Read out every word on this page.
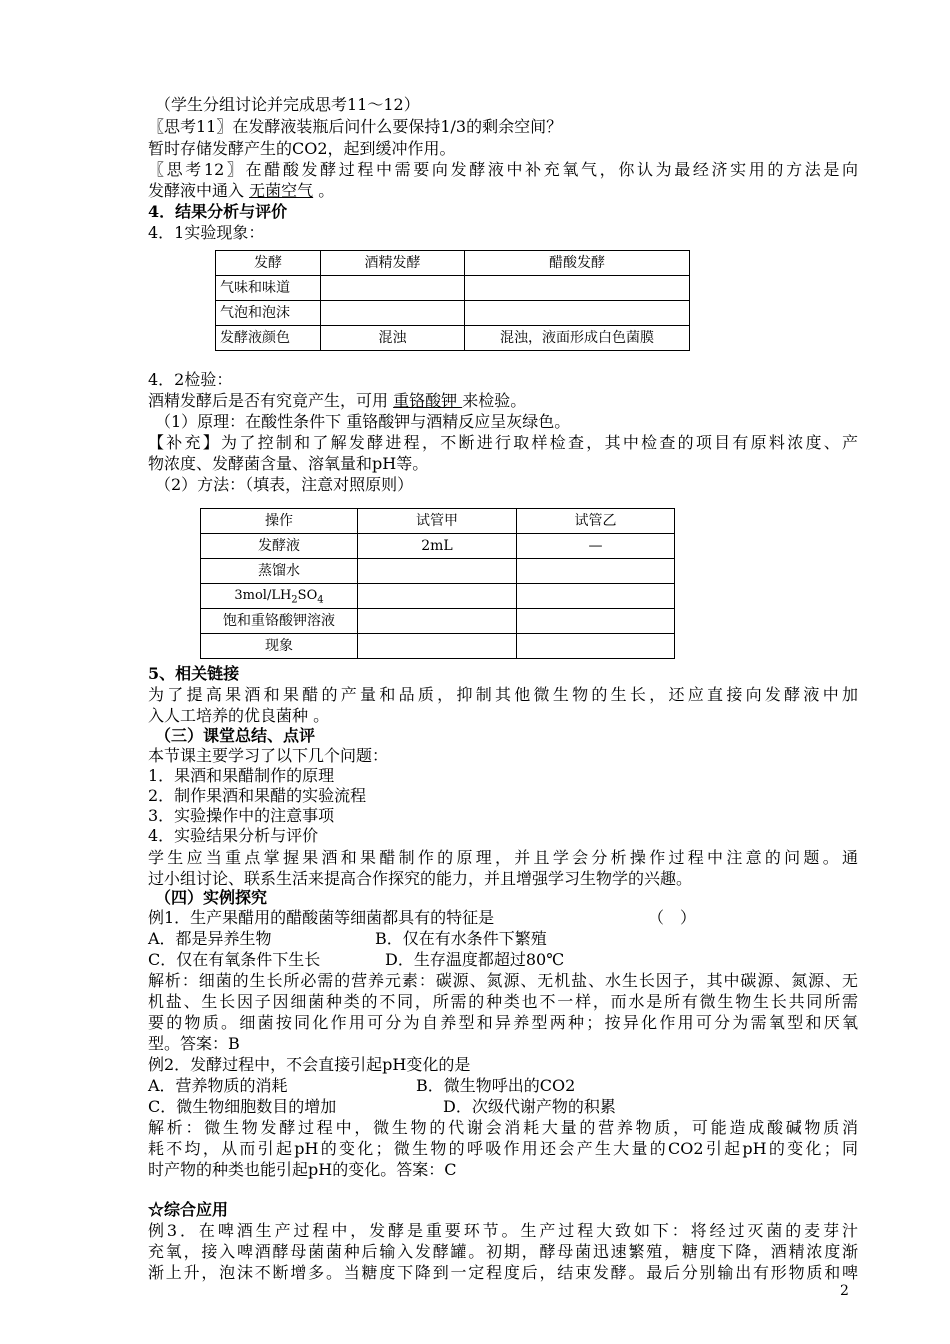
（学生分组讨论并完成思考11～12）
〖思考11〗在发酵液装瓶后问什么要保持1/3的剩余空间？
暂时存储发酵产生的CO2，起到缓冲作用。
〖思考12〗在醋酸发酵过程中需要向发酵液中补充氧气，你认为最经济实用的方法是向
发酵液中通入 无菌空气 。
4．结果分析与评价
4．1实验现象：
发酵	酒精发酵	醋酸发酵
气味和味道		
气泡和泡沫		
发酵液颜色	混浊	混浊，液面形成白色菌膜
4．2检验：
酒精发酵后是否有究竟产生，可用 重铬酸钾 来检验。
（1）原理：在酸性条件下 重铬酸钾与酒精反应呈灰绿色。
【补充】为了控制和了解发酵进程，不断进行取样检查，其中检查的项目有原料浓度、产
物浓度、发酵菌含量、溶氧量和pH等。
（2）方法：（填表，注意对照原则）
操作	试管甲	试管乙
发酵液	2mL	—
蒸馏水		
$3mol/LH_2SO_4$		
饱和重铬酸钾溶液		
现象		
5、相关链接
为了提高果酒和果醋的产量和品质，抑制其他微生物的生长，还应直接向发酵液中加
入人工培养的优良菌种 。
（三）课堂总结、点评
本节课主要学习了以下几个问题：
1．果酒和果醋制作的原理
2．制作果酒和果醋的实验流程
3．实验操作中的注意事项
4．实验结果分析与评价
学生应当重点掌握果酒和果醋制作的原理，并且学会分析操作过程中注意的问题。通
过小组讨论、联系生活来提高合作探究的能力，并且增强学习生物学的兴趣。
（四）实例探究
例1．生产果醋用的醋酸菌等细菌都具有的特征是	（　）
A．都是异养生物	B．仅在有水条件下繁殖
C．仅在有氧条件下生长	D．生存温度都超过80℃
解析：细菌的生长所必需的营养元素：碳源、氮源、无机盐、水生长因子，其中碳源、氮源、无
机盐、生长因子因细菌种类的不同，所需的种类也不一样，而水是所有微生物生长共同所需
要的物质。细菌按同化作用可分为自养型和异养型两种；按异化作用可分为需氧型和厌氧
型。答案：B
例2．发酵过程中，不会直接引起pH变化的是
A．营养物质的消耗	B．微生物呼出的CO2
C．微生物细胞数目的增加	D．次级代谢产物的积累
解析：微生物发酵过程中，微生物的代谢会消耗大量的营养物质，可能造成酸碱物质消
耗不均，从而引起pH的变化；微生物的呼吸作用还会产生大量的CO2引起pH的变化；同
时产物的种类也能引起pH的变化。答案：C
☆综合应用
例3．在啤酒生产过程中，发酵是重要环节。生产过程大致如下：将经过灭菌的麦芽汁
充氧，接入啤酒酵母菌菌种后输入发酵罐。初期，酵母菌迅速繁殖，糖度下降，酒精浓度渐
渐上升，泡沫不断增多。当糖度下降到一定程度后，结束发酵。最后分别输出有形物质和啤
2
